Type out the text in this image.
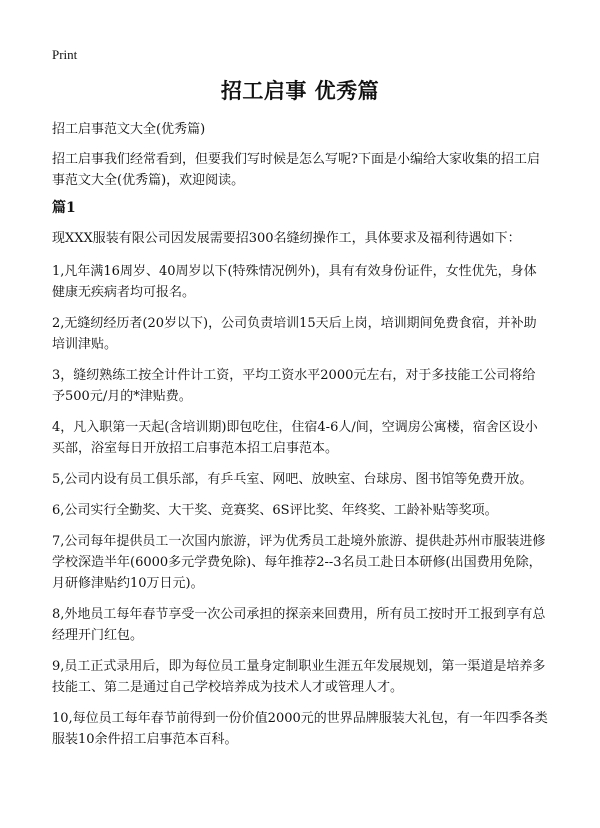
Print
招工启事 优秀篇
招工启事范文大全(优秀篇)
招工启事我们经常看到，但要我们写时候是怎么写呢?下面是小编给大家收集的招工启事范文大全(优秀篇)，欢迎阅读。
篇1

现XXX服装有限公司因发展需要招300名缝纫操作工，具体要求及福利待遇如下：

1,凡年满16周岁、40周岁以下(特殊情况例外)，具有有效身份证件，女性优先，身体健康无疾病者均可报名。

2,无缝纫经历者(20岁以下)，公司负责培训15天后上岗，培训期间免费食宿，并补助培训津贴。

3，缝纫熟练工按全计件计工资，平均工资水平2000元左右，对于多技能工公司将给予500元/月的*津贴费。

4，凡入职第一天起(含培训期)即包吃住，住宿4-6人/间，空调房公寓楼，宿舍区设小买部，浴室每日开放招工启事范本招工启事范本。

5,公司内设有员工俱乐部，有乒乓室、网吧、放映室、台球房、图书馆等免费开放。

6,公司实行全勤奖、大干奖、竞赛奖、6S评比奖、年终奖、工龄补贴等奖项。

7,公司每年提供员工一次国内旅游，评为优秀员工赴境外旅游、提供赴苏州市服装进修学校深造半年(6000多元学费免除)、每年推荐2--3名员工赴日本研修(出国费用免除，月研修津贴约10万日元)。

8,外地员工每年春节享受一次公司承担的探亲来回费用，所有员工按时开工报到享有总经理开门红包。

9,员工正式录用后，即为每位员工量身定制职业生涯五年发展规划，第一渠道是培养多技能工、第二是通过自己学校培养成为技术人才或管理人才。

10,每位员工每年春节前得到一份价值2000元的世界品牌服装大礼包，有一年四季各类服装10余件招工启事范本百科。
